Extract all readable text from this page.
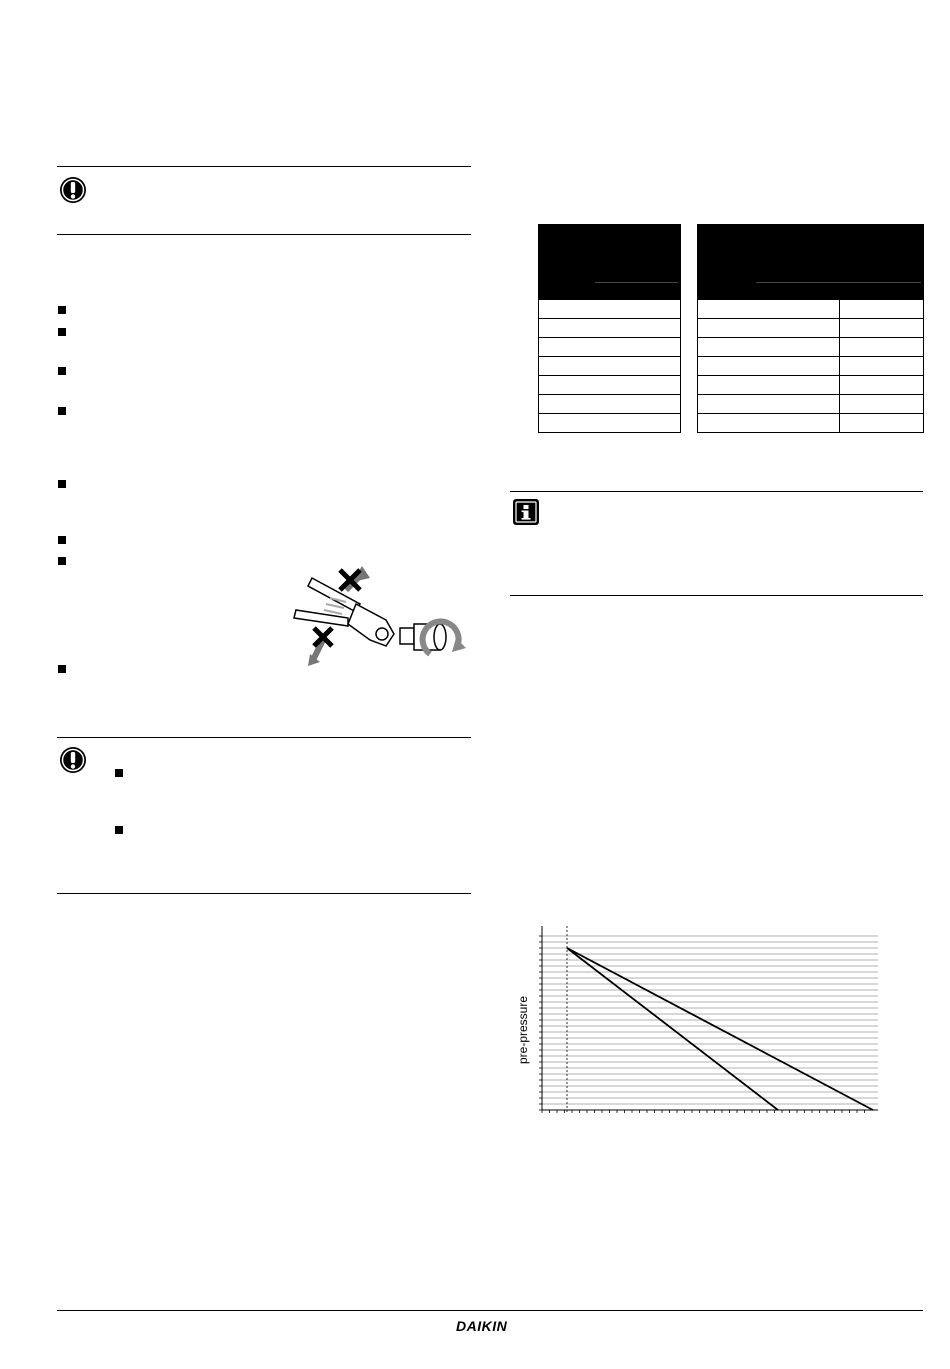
pre-pressure
DAIKIN
